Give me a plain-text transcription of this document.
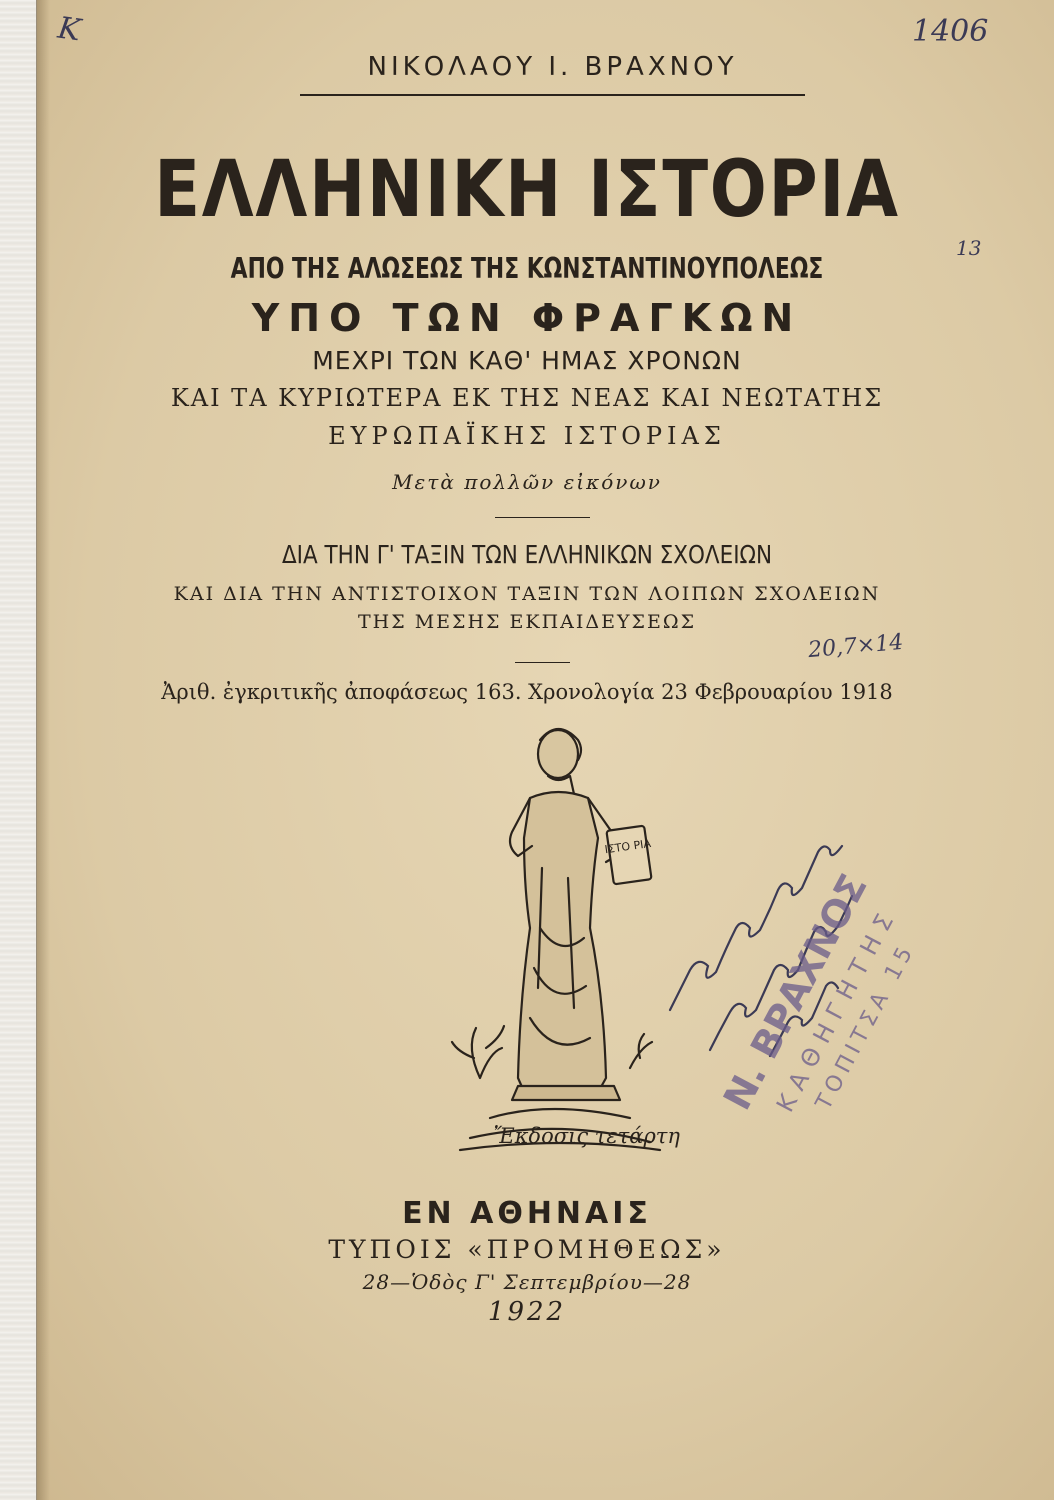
K	1406
13
ΝΙΚΟΛΑΟΥ Ι. ΒΡΑΧΝΟΥ
ΕΛΛΗΝΙΚΗ ΙΣΤΟΡΙΑ
ΑΠΟ ΤΗΣ ΑΛΩΣΕΩΣ ΤΗΣ ΚΩΝΣΤΑΝΤΙΝΟΥΠΟΛΕΩΣ
ΥΠΟ ΤΩΝ ΦΡΑΓΚΩΝ
ΜΕΧΡΙ ΤΩΝ ΚΑΘ' ΗΜΑΣ ΧΡΟΝΩΝ
ΚΑΙ ΤΑ ΚΥΡΙΩΤΕΡΑ ΕΚ ΤΗΣ ΝΕΑΣ ΚΑΙ ΝΕΩΤΑΤΗΣ
ΕΥΡΩΠΑΪΚΗΣ ΙΣΤΟΡΙΑΣ
Μετὰ πολλῶν εἰκόνων
ΔΙΑ ΤΗΝ Γ' ΤΑΞΙΝ ΤΩΝ ΕΛΛΗΝΙΚΩΝ ΣΧΟΛΕΙΩΝ
ΚΑΙ ΔΙΑ ΤΗΝ ΑΝΤΙΣΤΟΙΧΟΝ ΤΑΞΙΝ ΤΩΝ ΛΟΙΠΩΝ ΣΧΟΛΕΙΩΝ
ΤΗΣ ΜΕΣΗΣ ΕΚΠΑΙΔΕΥΣΕΩΣ
Ἀριθ. ἐγκριτικῆς ἀποφάσεως 163. Χρονολογία 23 Φεβρουαρίου 1918
20,7×14
ΙΣΤΟ ΡΙΑ
Ν. ΒΡΑΧΝΟΣ
ΚΑΘΗΓΗΤΗΣ
ΤΟΠΙΤΣΑ 15
Ἔκδοσις τετάρτη
ΕΝ ΑΘΗΝΑΙΣ
ΤΥΠΟΙΣ «ΠΡΟΜΗΘΕΩΣ»
28—Ὁδὸς Γ' Σεπτεμβρίου—28
1922
